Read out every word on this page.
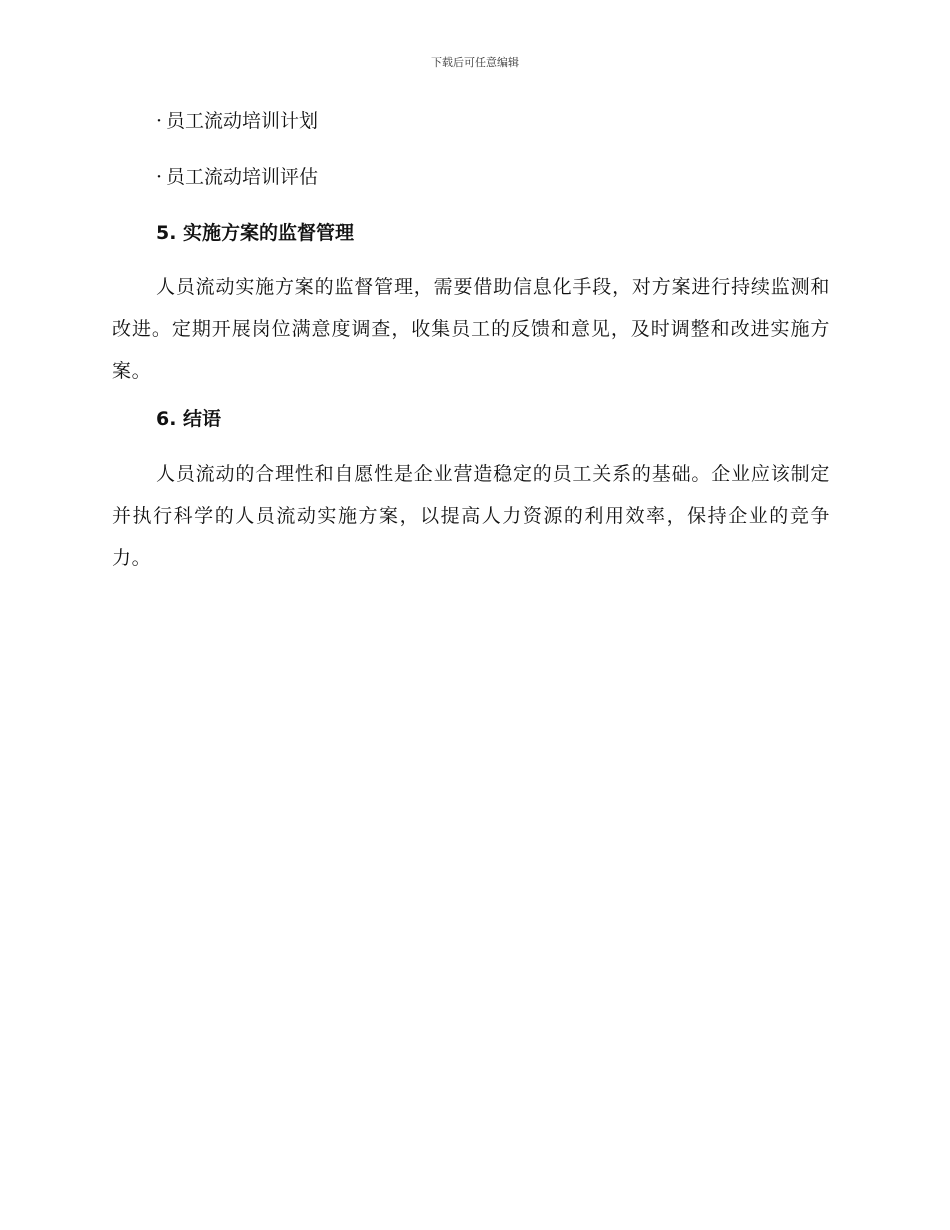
下载后可任意编辑
· 员工流动培训计划
· 员工流动培训评估
5. 实施方案的监督管理

人员流动实施方案的监督管理，需要借助信息化手段，对方案进行持续监测和改进。定期开展岗位满意度调查，收集员工的反馈和意见，及时调整和改进实施方案。

6. 结语

人员流动的合理性和自愿性是企业营造稳定的员工关系的基础。企业应该制定并执行科学的人员流动实施方案，以提高人力资源的利用效率，保持企业的竞争力。
